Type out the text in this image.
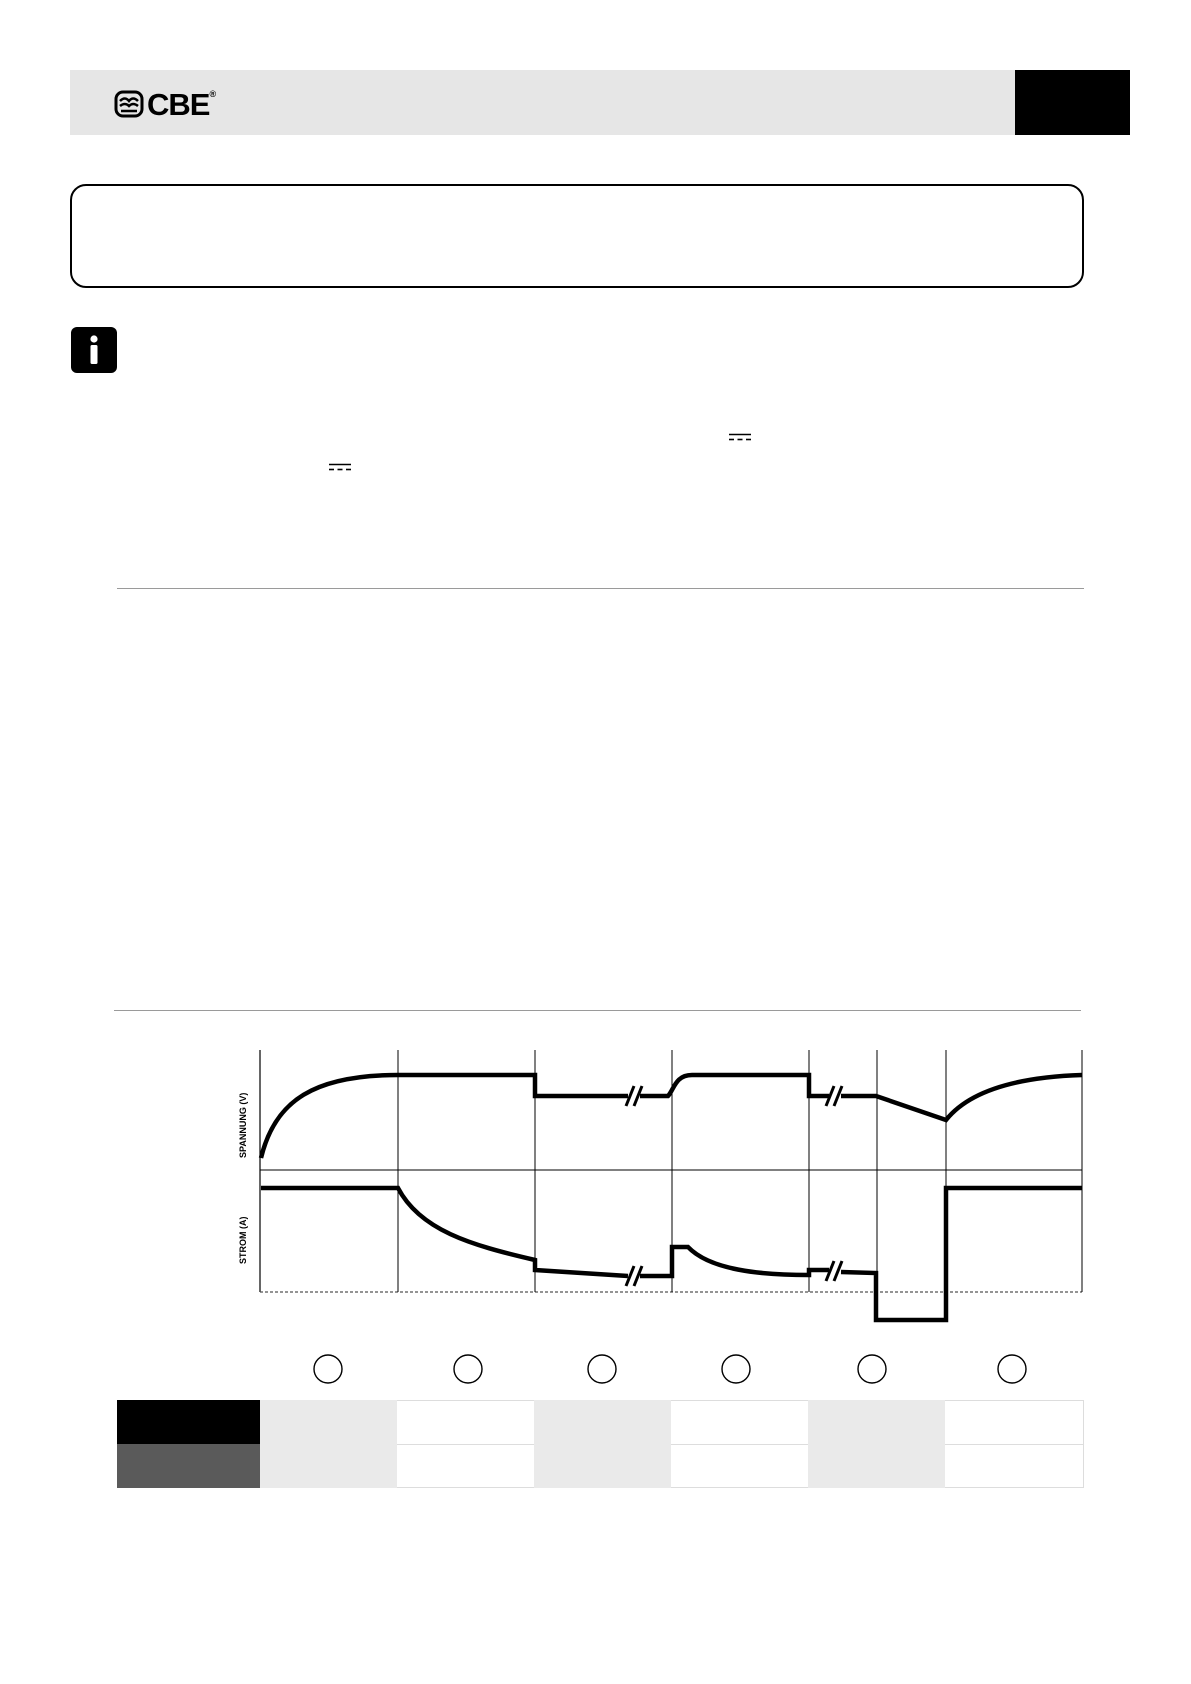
CBE ®
SPANNUNG (V)
STROM (A)
